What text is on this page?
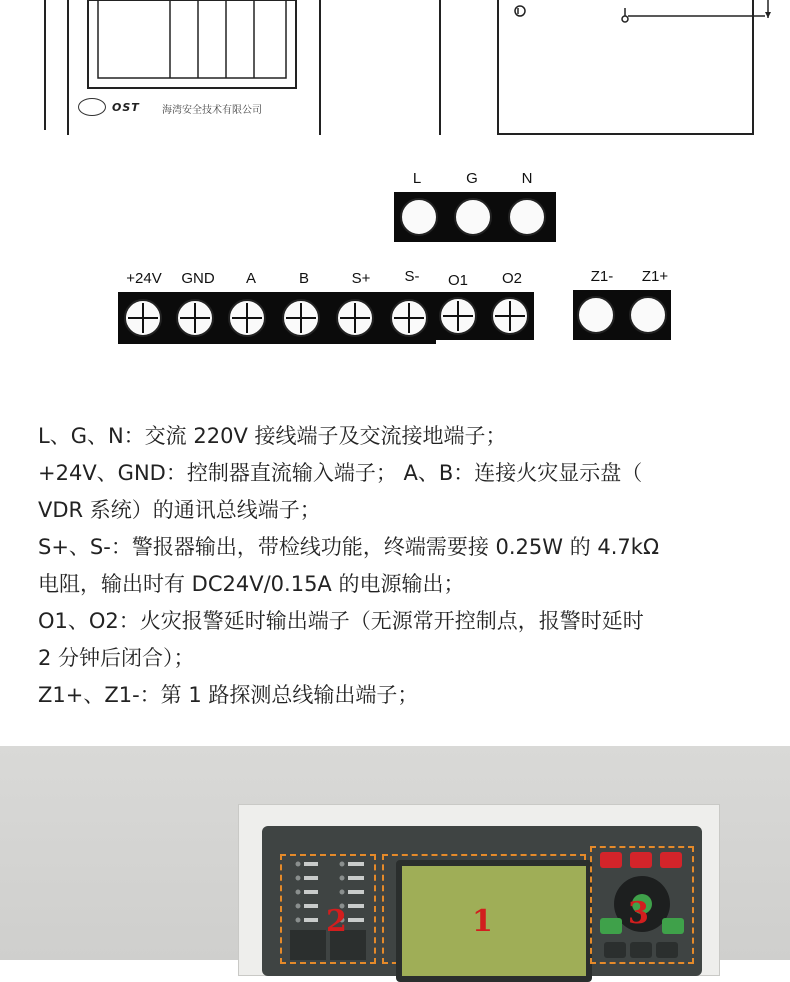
OST 海湾安全技术有限公司
L	G	N
+24V	GND	A	B	S+	S-	O1	O2	Z1-	Z1+

L、G、N：交流 220V 接线端子及交流接地端子；

+24V、GND：控制器直流输入端子； A、B：连接火灾显示盘（

VDR 系统）的通讯总线端子；

S+、S-：警报器输出，带检线功能，终端需要接 0.25W 的 4.7kΩ

电阻，输出时有 DC24V/0.15A 的电源输出；

O1、O2：火灾报警延时输出端子（无源常开控制点，报警时延时

2 分钟后闭合）；

Z1+、Z1-：第 1 路探测总线输出端子；

2	1	3
